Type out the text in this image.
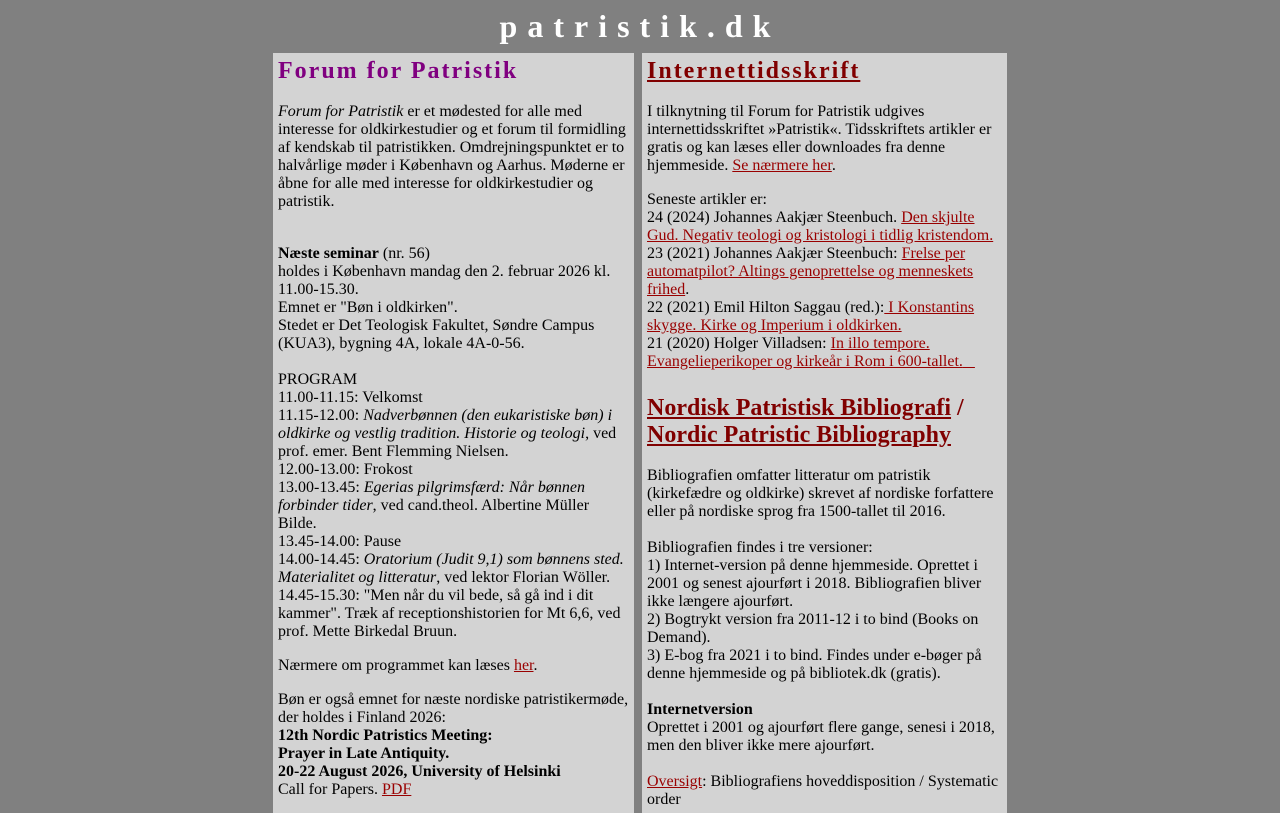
patristik.dk
Forum for Patristik

Forum for Patristik er et mødested for alle med interesse for oldkirkestudier og et forum til formidling af kendskab til patristikken. Omdrejningspunktet er to halvårlige møder i København og Aarhus. Møderne er åbne for alle med interesse for oldkirkestudier og patristik.

Næste seminar (nr. 56)
holdes i København mandag den 2. februar 2026 kl. 11.00-15.30.
Emnet er "Bøn i oldkirken".
Stedet er Det Teologisk Fakultet, Søndre Campus (KUA3), bygning 4A, lokale 4A-0-56.

PROGRAM
11.00-11.15: Velkomst
11.15-12.00: Nadverbønnen (den eukaristiske bøn) i oldkirke og vestlig tradition. Historie og teologi, ved prof. emer. Bent Flemming Nielsen.
12.00-13.00: Frokost
13.00-13.45: Egerias pilgrimsfærd: Når bønnen forbinder tider, ved cand.theol. Albertine Müller Bilde.
13.45-14.00: Pause
14.00-14.45: Oratorium (Judit 9,1) som bønnens sted. Materialitet og litteratur, ved lektor Florian Wöller.
14.45-15.30: "Men når du vil bede, så gå ind i dit kammer". Træk af receptionshistorien for Mt 6,6, ved prof. Mette Birkedal Bruun.

Nærmere om programmet kan læses her.

Bøn er også emnet for næste nordiske patristikermøde, der holdes i Finland 2026:
12th Nordic Patristics Meeting:
Prayer in Late Antiquity.
20-22 August 2026, University of Helsinki
Call for Papers. PDF

Internettidsskrift

I tilknytning til Forum for Patristik udgives internettidsskriftet »Patristik«. Tidsskriftets artikler er gratis og kan læses eller downloades fra denne hjemmeside. Se nærmere her.

Seneste artikler er:
24 (2024) Johannes Aakjær Steenbuch. Den skjulte Gud. Negativ teologi og kristologi i tidlig kristendom.
23 (2021) Johannes Aakjær Steenbuch: Frelse per automatpilot? Altings genoprettelse og menneskets frihed.
22 (2021) Emil Hilton Saggau (red.): I Konstantins skygge. Kirke og Imperium i oldkirken.
21 (2020) Holger Villadsen: In illo tempore. Evangelieperikoper og kirkeår i Rom i 600-tallet.

Nordisk Patristisk Bibliografi / Nordic Patristic Bibliography

Bibliografien omfatter litteratur om patristik (kirkefædre og oldkirke) skrevet af nordiske forfattere eller på nordiske sprog fra 1500-tallet til 2016.

Bibliografien findes i tre versioner:
1) Internet-version på denne hjemmeside. Oprettet i 2001 og senest ajourført i 2018. Bibliografien bliver ikke længere ajourført.
2) Bogtrykt version fra 2011-12 i to bind (Books on Demand).
3) E-bog fra 2021 i to bind. Findes under e-bøger på denne hjemmeside og på bibliotek.dk (gratis).

Internetversion
Oprettet i 2001 og ajourført flere gange, senesi i 2018, men den bliver ikke mere ajourført.

Oversigt: Bibliografiens hoveddisposition / Systematic order
